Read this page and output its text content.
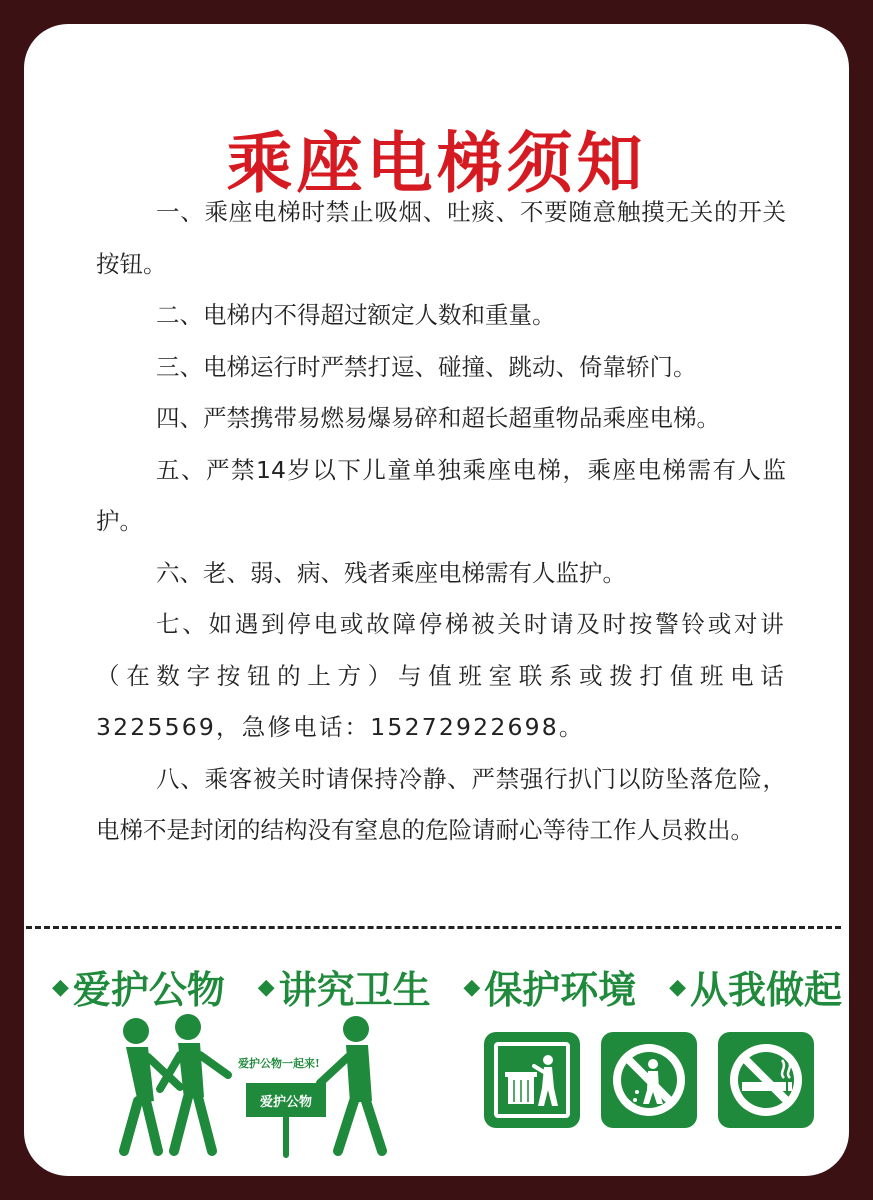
乘座电梯须知

一、乘座电梯时禁止吸烟、吐痰、不要随意触摸无关的开关按钮。

二、电梯内不得超过额定人数和重量。

三、电梯运行时严禁打逗、碰撞、跳动、倚靠轿门。

四、严禁携带易燃易爆易碎和超长超重物品乘座电梯。

五、严禁14岁以下儿童单独乘座电梯，乘座电梯需有人监护。

六、老、弱、病、残者乘座电梯需有人监护。

七、如遇到停电或故障停梯被关时请及时按警铃或对讲（在数字按钮的上方）与值班室联系或拨打值班电话3225569，急修电话：15272922698。

八、乘客被关时请保持冷静、严禁强行扒门以防坠落危险，电梯不是封闭的结构没有窒息的危险请耐心等待工作人员救出。

◆ 爱护公物 ◆ 讲究卫生 ◆ 保护环境 ◆ 从我做起
爱护公物一起来!
爱护公物
